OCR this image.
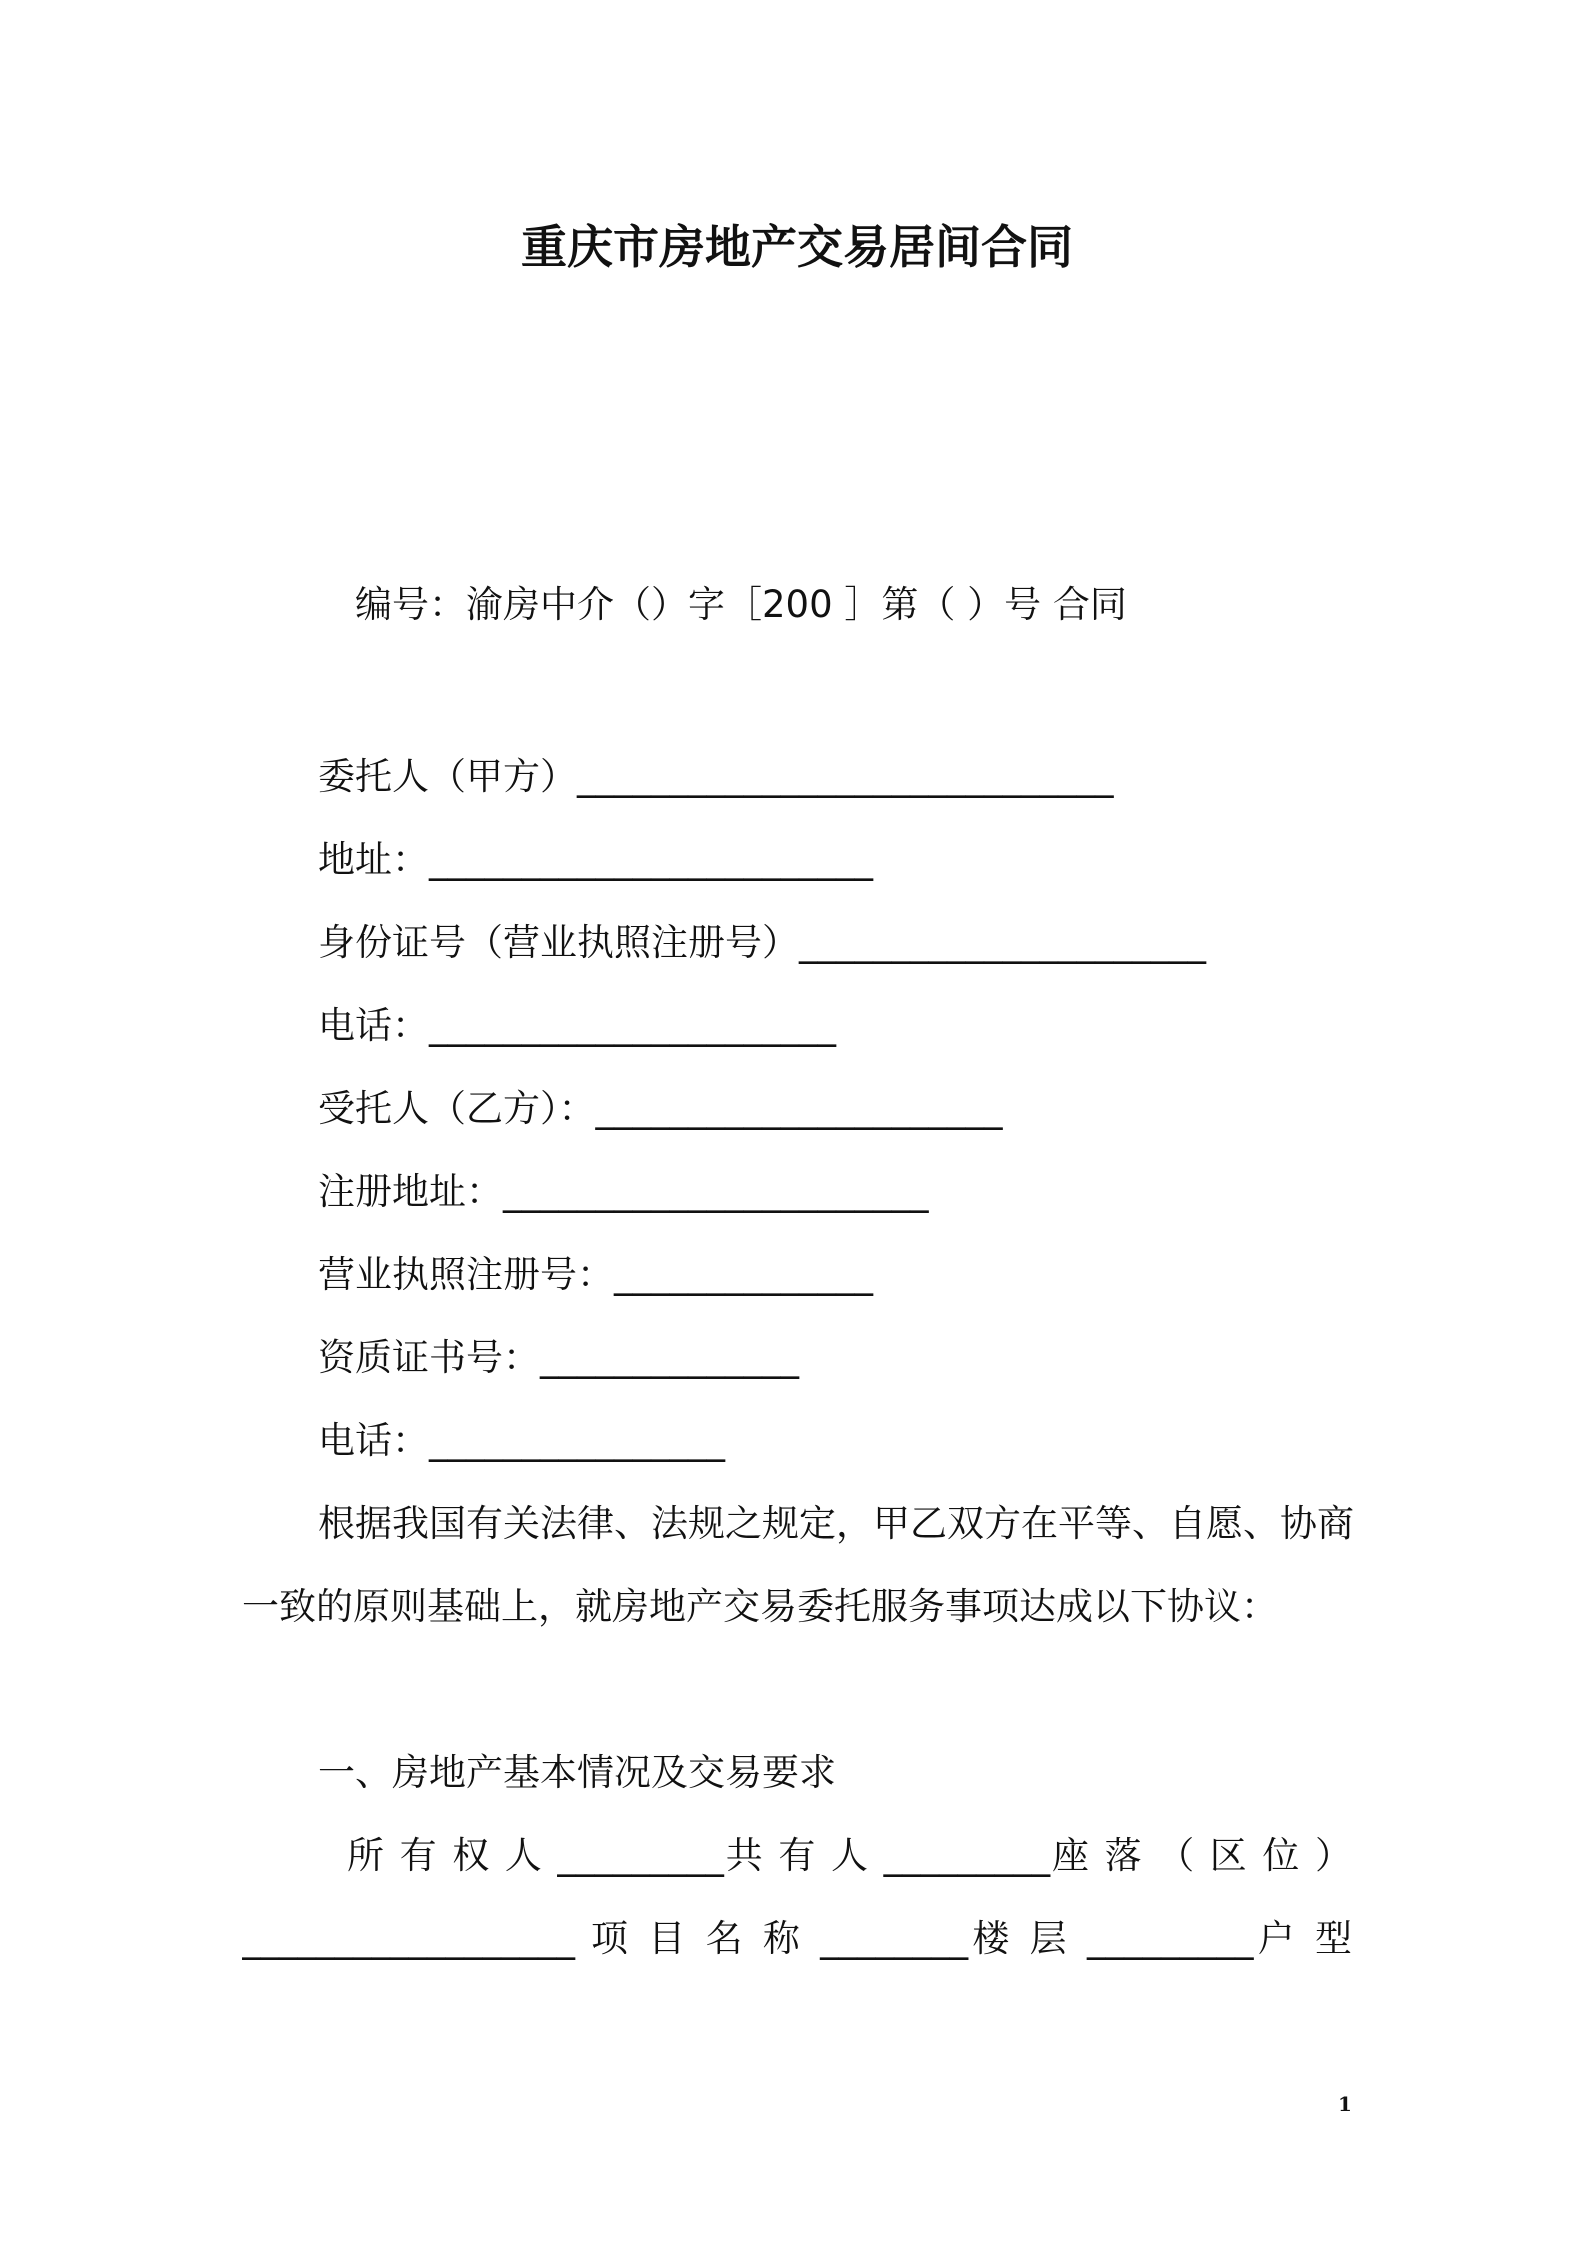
重庆市房地产交易居间合同
编号：渝房中介（）字［200 ］第（ ）号 合同
委托人（甲方）_____________________________
地址：________________________
身份证号（营业执照注册号）______________________
电话：______________________
受托人（乙方）：______________________
注册地址：_______________________
营业执照注册号：______________
资质证书号：______________
电话：________________
根据我国有关法律、法规之规定，甲乙双方在平等、自愿、协商
一致的原则基础上，就房地产交易委托服务事项达成以下协议：
一、房地产基本情况及交易要求
所 有 权 人 _________共 有 人 _________座 落 （ 区 位 ）
__________________ 项 目 名 称 ________楼 层 _________户 型
1
